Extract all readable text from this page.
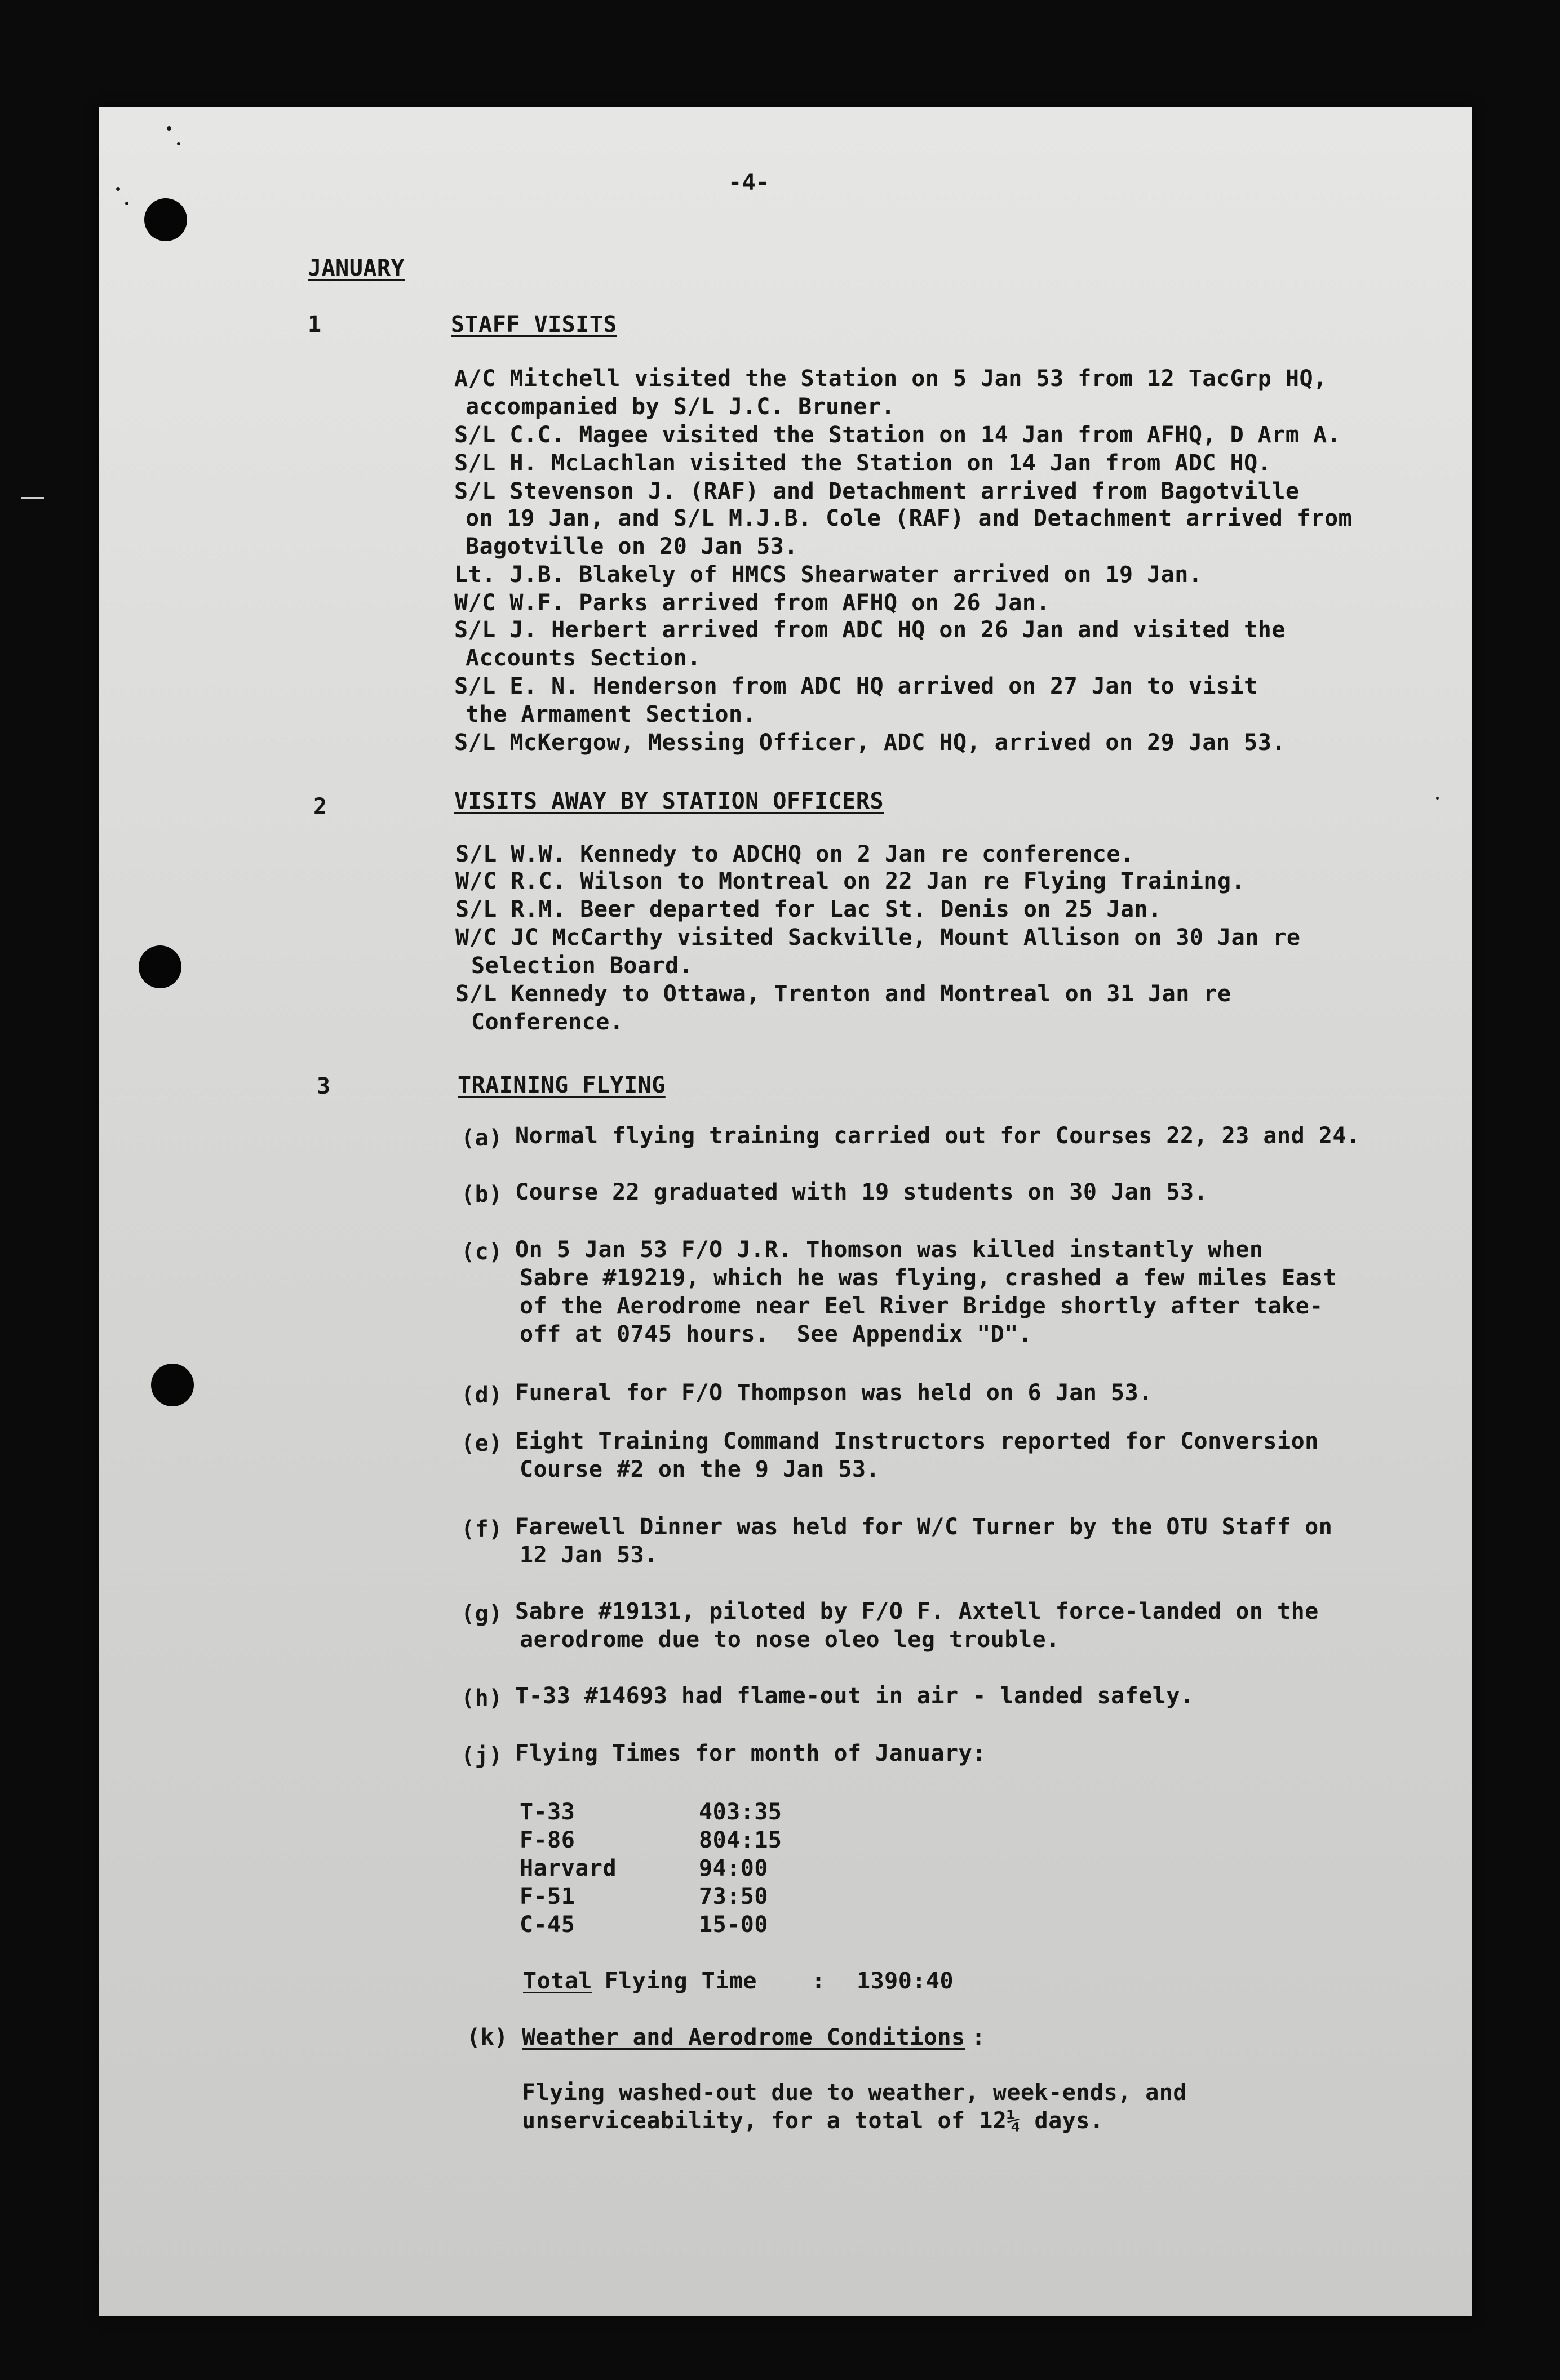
-4-
JANUARY
1	STAFF VISITS
A/C Mitchell visited the Station on 5 Jan 53 from 12 TacGrp HQ,
accompanied by S/L J.C. Bruner.
S/L C.C. Magee visited the Station on 14 Jan from AFHQ, D Arm A.
S/L H. McLachlan visited the Station on 14 Jan from ADC HQ.
S/L Stevenson J. (RAF) and Detachment arrived from Bagotville
on 19 Jan, and S/L M.J.B. Cole (RAF) and Detachment arrived from
Bagotville on 20 Jan 53.
Lt. J.B. Blakely of HMCS Shearwater arrived on 19 Jan.
W/C W.F. Parks arrived from AFHQ on 26 Jan.
S/L J. Herbert arrived from ADC HQ on 26 Jan and visited the
Accounts Section.
S/L E. N. Henderson from ADC HQ arrived on 27 Jan to visit
the Armament Section.
S/L McKergow, Messing Officer, ADC HQ, arrived on 29 Jan 53.
2	VISITS AWAY BY STATION OFFICERS
S/L W.W. Kennedy to ADCHQ on 2 Jan re conference.
W/C R.C. Wilson to Montreal on 22 Jan re Flying Training.
S/L R.M. Beer departed for Lac St. Denis on 25 Jan.
W/C JC McCarthy visited Sackville, Mount Allison on 30 Jan re
Selection Board.
S/L Kennedy to Ottawa, Trenton and Montreal on 31 Jan re
Conference.
3	TRAINING FLYING
(a) Normal flying training carried out for Courses 22, 23 and 24.
(b) Course 22 graduated with 19 students on 30 Jan 53.
(c) On 5 Jan 53 F/O J.R. Thomson was killed instantly when
Sabre #19219, which he was flying, crashed a few miles East
of the Aerodrome near Eel River Bridge shortly after take-
off at 0745 hours.  See Appendix "D".
(d) Funeral for F/O Thompson was held on 6 Jan 53.
(e) Eight Training Command Instructors reported for Conversion
Course #2 on the 9 Jan 53.
(f) Farewell Dinner was held for W/C Turner by the OTU Staff on
12 Jan 53.
(g) Sabre #19131, piloted by F/O F. Axtell force-landed on the
aerodrome due to nose oleo leg trouble.
(h) T-33 #14693 had flame-out in air - landed safely.
(j) Flying Times for month of January:
T-33	403:35
F-86	804:15
Harvard	94:00
F-51	73:50
C-45	15-00
Total
Flying Time : 1390:40
(k) Weather and Aerodrome Conditions :
Flying washed-out due to weather, week-ends, and
unserviceability, for a total of 12¼ days.
